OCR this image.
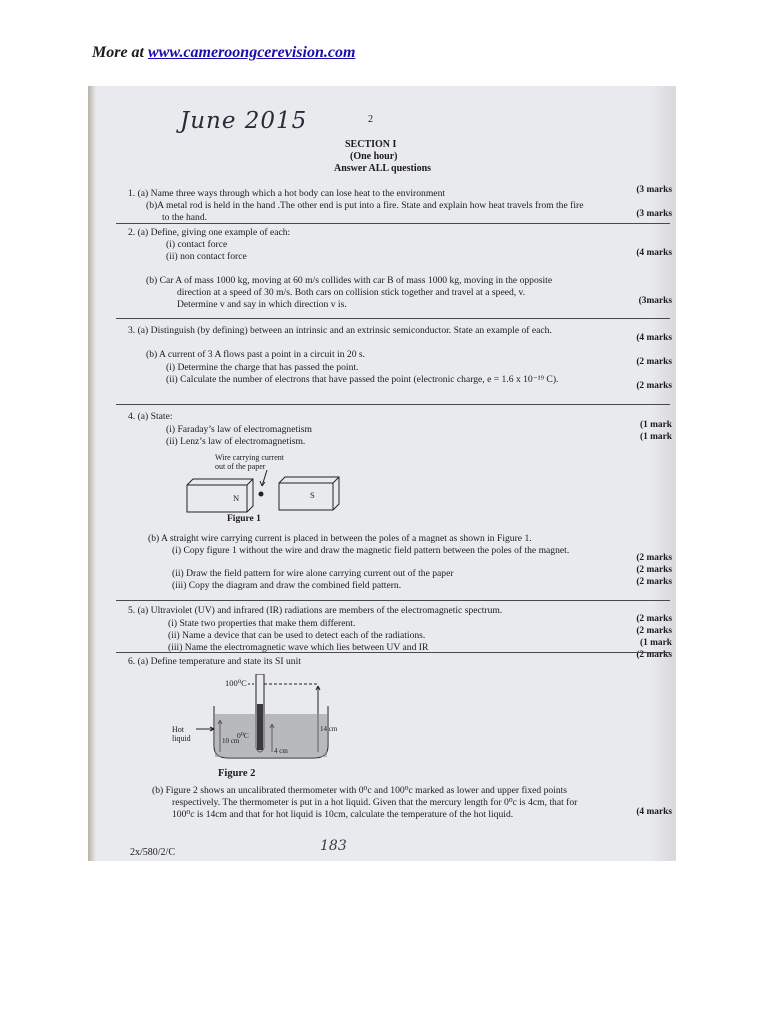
More at www.cameroongcerevision.com
June 2015	2
SECTION I
(One hour)
Answer ALL questions
1. (a) Name three ways through which a hot body can lose heat to the environment	(3 marks
(b)A metal rod is held in the hand .The other end is put into a fire. State and explain how heat travels from the fire
to the hand.	(3 marks
2. (a) Define, giving one example of each:
(i) contact force
(ii) non contact force	(4 marks
(b) Car A of mass 1000 kg, moving at 60 m/s collides with car B of mass 1000 kg, moving in the opposite
direction at a speed of 30 m/s. Both cars on collision stick together and travel at a speed, v.
Determine v and say in which direction v is.	(3marks
3. (a) Distinguish (by defining) between an intrinsic and an extrinsic semiconductor. State an example of each.
(4 marks
(b) A current of 3 A flows past a point in a circuit in 20 s.
(i) Determine the charge that has passed the point.	(2 marks
(ii) Calculate the number of electrons that have passed the point (electronic charge, e = 1.6 x 10⁻¹⁹ C).
(2 marks
4. (a) State:
(i) Faraday’s law of electromagnetism	(1 mark
(ii) Lenz’s law of electromagnetism.	(1 mark
Wire carrying current
out of the paper
N	S
Figure 1
(b) A straight wire carrying current is placed in between the poles of a magnet as shown in Figure 1.
(i) Copy figure 1 without the wire and draw the magnetic field pattern between the poles of the magnet.
(2 marks
(ii) Draw the field pattern for wire alone carrying current out of the paper	(2 marks
(iii) Copy the diagram and draw the combined field pattern.	(2 marks
5. (a) Ultraviolet (UV) and infrared (IR) radiations are members of the electromagnetic spectrum.
(2 marks
(i) State two properties that make them different.
(2 marks
(ii) Name a device that can be used to detect each of the radiations.
(1 mark
(iii) Name the electromagnetic wave which lies between UV and IR
(2 marks
6. (a) Define temperature and state its SI unit
100⁰C
Hot
liquid	0⁰C
10 cm
4 cm
14 cm
Figure 2
(b) Figure 2 shows an uncalibrated thermometer with 0⁰c and 100⁰c marked as lower and upper fixed points
respectively. The thermometer is put in a hot liquid. Given that the mercury length for 0⁰c is 4cm, that for
100⁰c is 14cm and that for hot liquid is 10cm, calculate the temperature of the hot liquid.	(4 marks
2x/580/2/C	183
